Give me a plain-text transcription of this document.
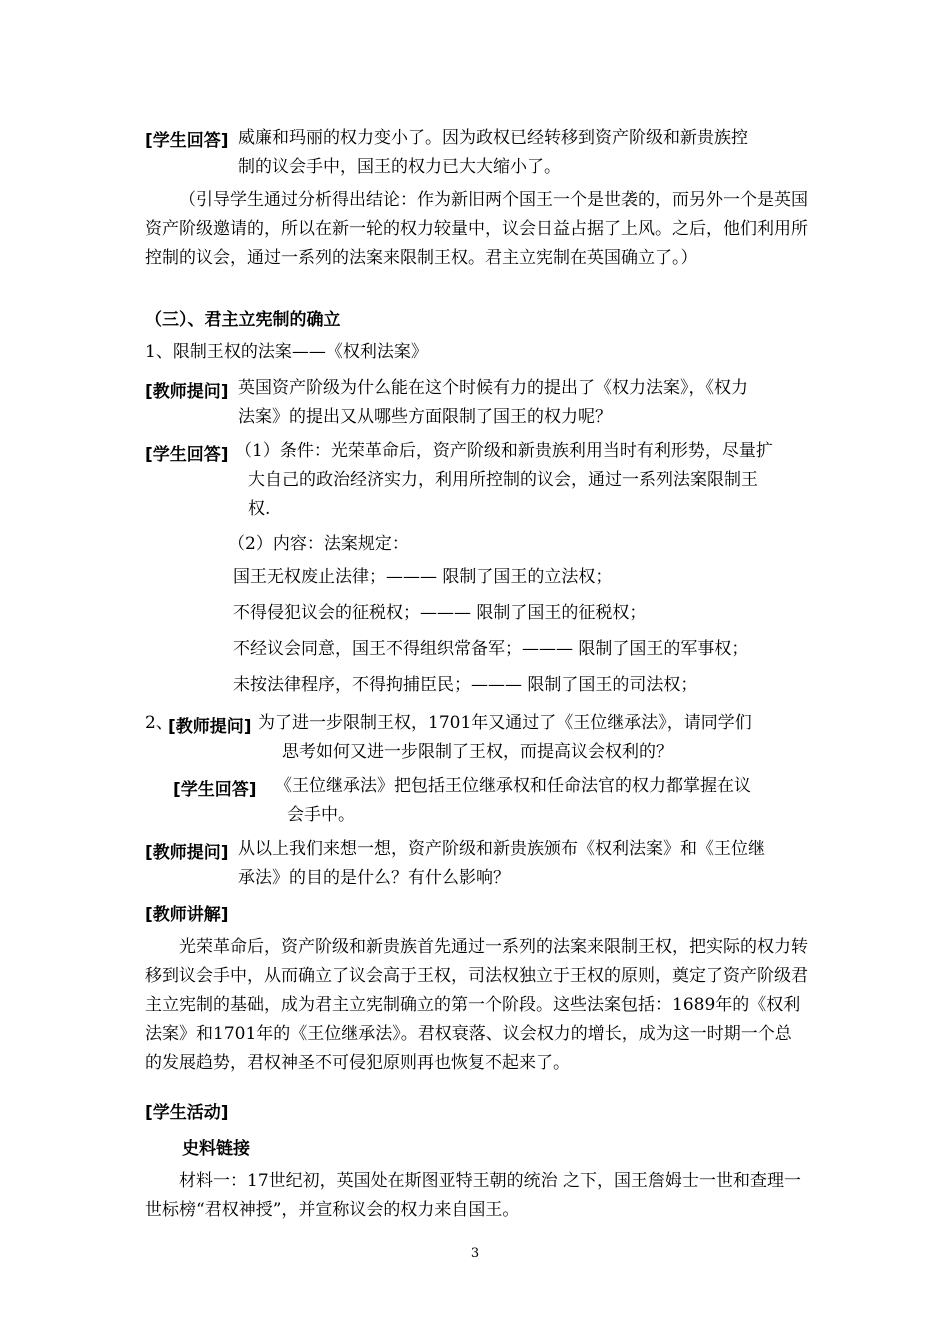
[学生回答] 威廉和玛丽的权力变小了。因为政权已经转移到资产阶级和新贵族控
制的议会手中，国王的权力已大大缩小了。
（引导学生通过分析得出结论：作为新旧两个国王一个是世袭的，而另外一个是英国资产阶级邀请的，所以在新一轮的权力较量中，议会日益占据了上风。之后，他们利用所控制的议会，通过一系列的法案来限制王权。君主立宪制在英国确立了。）
（三）、君主立宪制的确立
1、限制王权的法案——《权利法案》
[教师提问] 英国资产阶级为什么能在这个时候有力的提出了《权力法案》，《权力
法案》的提出又从哪些方面限制了国王的权力呢？
[学生回答] （1）条件：光荣革命后，资产阶级和新贵族利用当时有利形势，尽量扩
大自己的政治经济实力，利用所控制的议会，通过一系列法案限制王
权.
（2）内容：法案规定：
国王无权废止法律；——— 限制了国王的立法权；
不得侵犯议会的征税权；——— 限制了国王的征税权；
不经议会同意，国王不得组织常备军；——— 限制了国王的军事权；
未按法律程序，不得拘捕臣民；——— 限制了国王的司法权；
2、
[教师提问] 为了进一步限制王权，1701年又通过了《王位继承法》，请同学们
思考如何又进一步限制了王权，而提高议会权利的？
[学生回答] 《王位继承法》把包括王位继承权和任命法官的权力都掌握在议
会手中。
[教师提问] 从以上我们来想一想，资产阶级和新贵族颁布《权利法案》和《王位继
承法》的目的是什么？有什么影响？
[教师讲解]
光荣革命后，资产阶级和新贵族首先通过一系列的法案来限制王权，把实际的权力转移到议会手中，从而确立了议会高于王权，司法权独立于王权的原则，奠定了资产阶级君主立宪制的基础，成为君主立宪制确立的第一个阶段。这些法案包括：1689年的《权利法案》和1701年的《王位继承法》。君权衰落、议会权力的增长，成为这一时期一个总的发展趋势，君权神圣不可侵犯原则再也恢复不起来了。
[学生活动]
史料链接
材料一：17世纪初，英国处在斯图亚特王朝的统治 之下，国王詹姆士一世和查理一世标榜“君权神授”，并宣称议会的权力来自国王。
3
